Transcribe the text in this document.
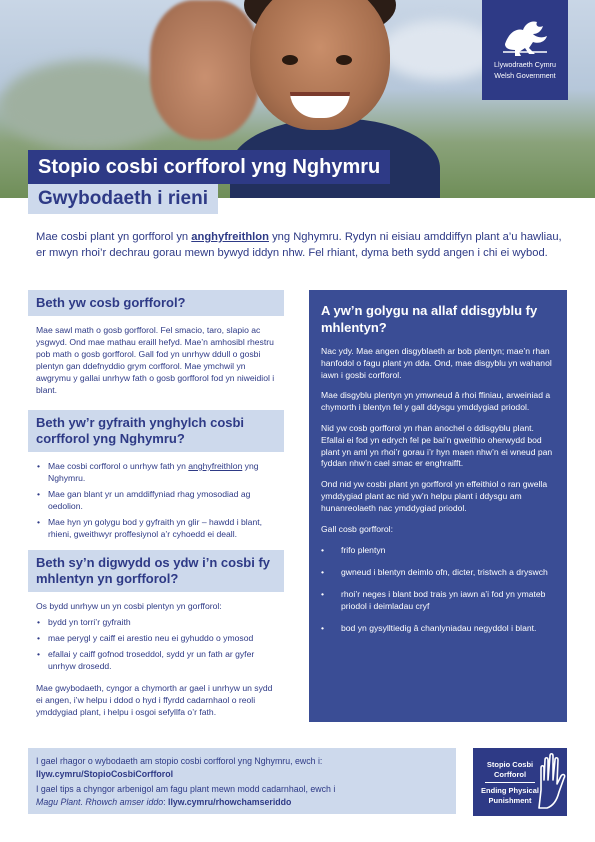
Llywodraeth Cymru
Welsh Government
Stopio cosbi corfforol yng Nghymru
Gwybodaeth i rieni

Mae cosbi plant yn gorfforol yn anghyfreithlon yng Nghymru. Rydyn ni eisiau amddiffyn plant a’u hawliau, er mwyn rhoi’r dechrau gorau mewn bywyd iddyn nhw. Fel rhiant, dyma beth sydd angen i chi ei wybod.

Beth yw cosb gorfforol?

Mae sawl math o gosb gorfforol. Fel smacio, taro, slapio ac ysgwyd. Ond mae mathau eraill hefyd. Mae’n amhosibl rhestru pob math o gosb gorfforol. Gall fod yn unrhyw ddull o gosbi plentyn gan ddefnyddio grym corfforol. Mae ymchwil yn awgrymu y gallai unrhyw fath o gosb gorfforol fod yn niweidiol i blant.

Beth yw’r gyfraith ynghylch cosbi corfforol yng Nghymru?
• Mae cosbi corfforol o unrhyw fath yn anghyfreithlon yng Nghymru.
• Mae gan blant yr un amddiffyniad rhag ymosodiad ag oedolion.
• Mae hyn yn golygu bod y gyfraith yn glir – hawdd i blant, rhieni, gweithwyr proffesiynol a’r cyhoedd ei deall.
Beth sy’n digwydd os ydw i’n cosbi fy mhlentyn yn gorfforol?

Os bydd unrhyw un yn cosbi plentyn yn gorfforol:

• bydd yn torri’r gyfraith
• mae perygl y caiff ei arestio neu ei gyhuddo o ymosod
• efallai y caiff gofnod troseddol, sydd yr un fath ar gyfer unrhyw drosedd.

Mae gwybodaeth, cyngor a chymorth ar gael i unrhyw un sydd ei angen, i’w helpu i ddod o hyd i ffyrdd cadarnhaol o reoli ymddygiad plant, i helpu i osgoi sefyllfa o’r fath.

A yw’n golygu na allaf ddisgyblu fy mhlentyn?

Nac ydy. Mae angen disgyblaeth ar bob plentyn; mae’n rhan hanfodol o fagu plant yn dda. Ond, mae disgyblu yn wahanol iawn i gosbi corfforol.

Mae disgyblu plentyn yn ymwneud â rhoi ffiniau, arweiniad a chymorth i blentyn fel y gall ddysgu ymddygiad priodol.

Nid yw cosb gorfforol yn rhan anochel o ddisgyblu plant. Efallai ei fod yn edrych fel pe bai’n gweithio oherwydd bod plant yn aml yn rhoi’r gorau i’r hyn maen nhw’n ei wneud pan fyddan nhw’n cael smac er enghraifft.

Ond nid yw cosbi plant yn gorfforol yn effeithiol o ran gwella ymddygiad plant ac nid yw’n helpu plant i ddysgu am hunanreolaeth nac ymddygiad priodol.

Gall cosb gorfforol:

• frifo plentyn
• gwneud i blentyn deimlo ofn, dicter, tristwch a dryswch
• rhoi’r neges i blant bod trais yn iawn a’i fod yn ymateb priodol i deimladau cryf
• bod yn gysylltiedig â chanlyniadau negyddol i blant.
I gael rhagor o wybodaeth am stopio cosbi corfforol yng Nghymru, ewch i:
llyw.cymru/StopioCosbiCorfforol
I gael tips a chyngor arbenigol am fagu plant mewn modd cadarnhaol, ewch i
Magu Plant. Rhowch amser iddo: llyw.cymru/rhowchamseriddo
Stopio Cosbi Corfforol
Ending Physical Punishment
